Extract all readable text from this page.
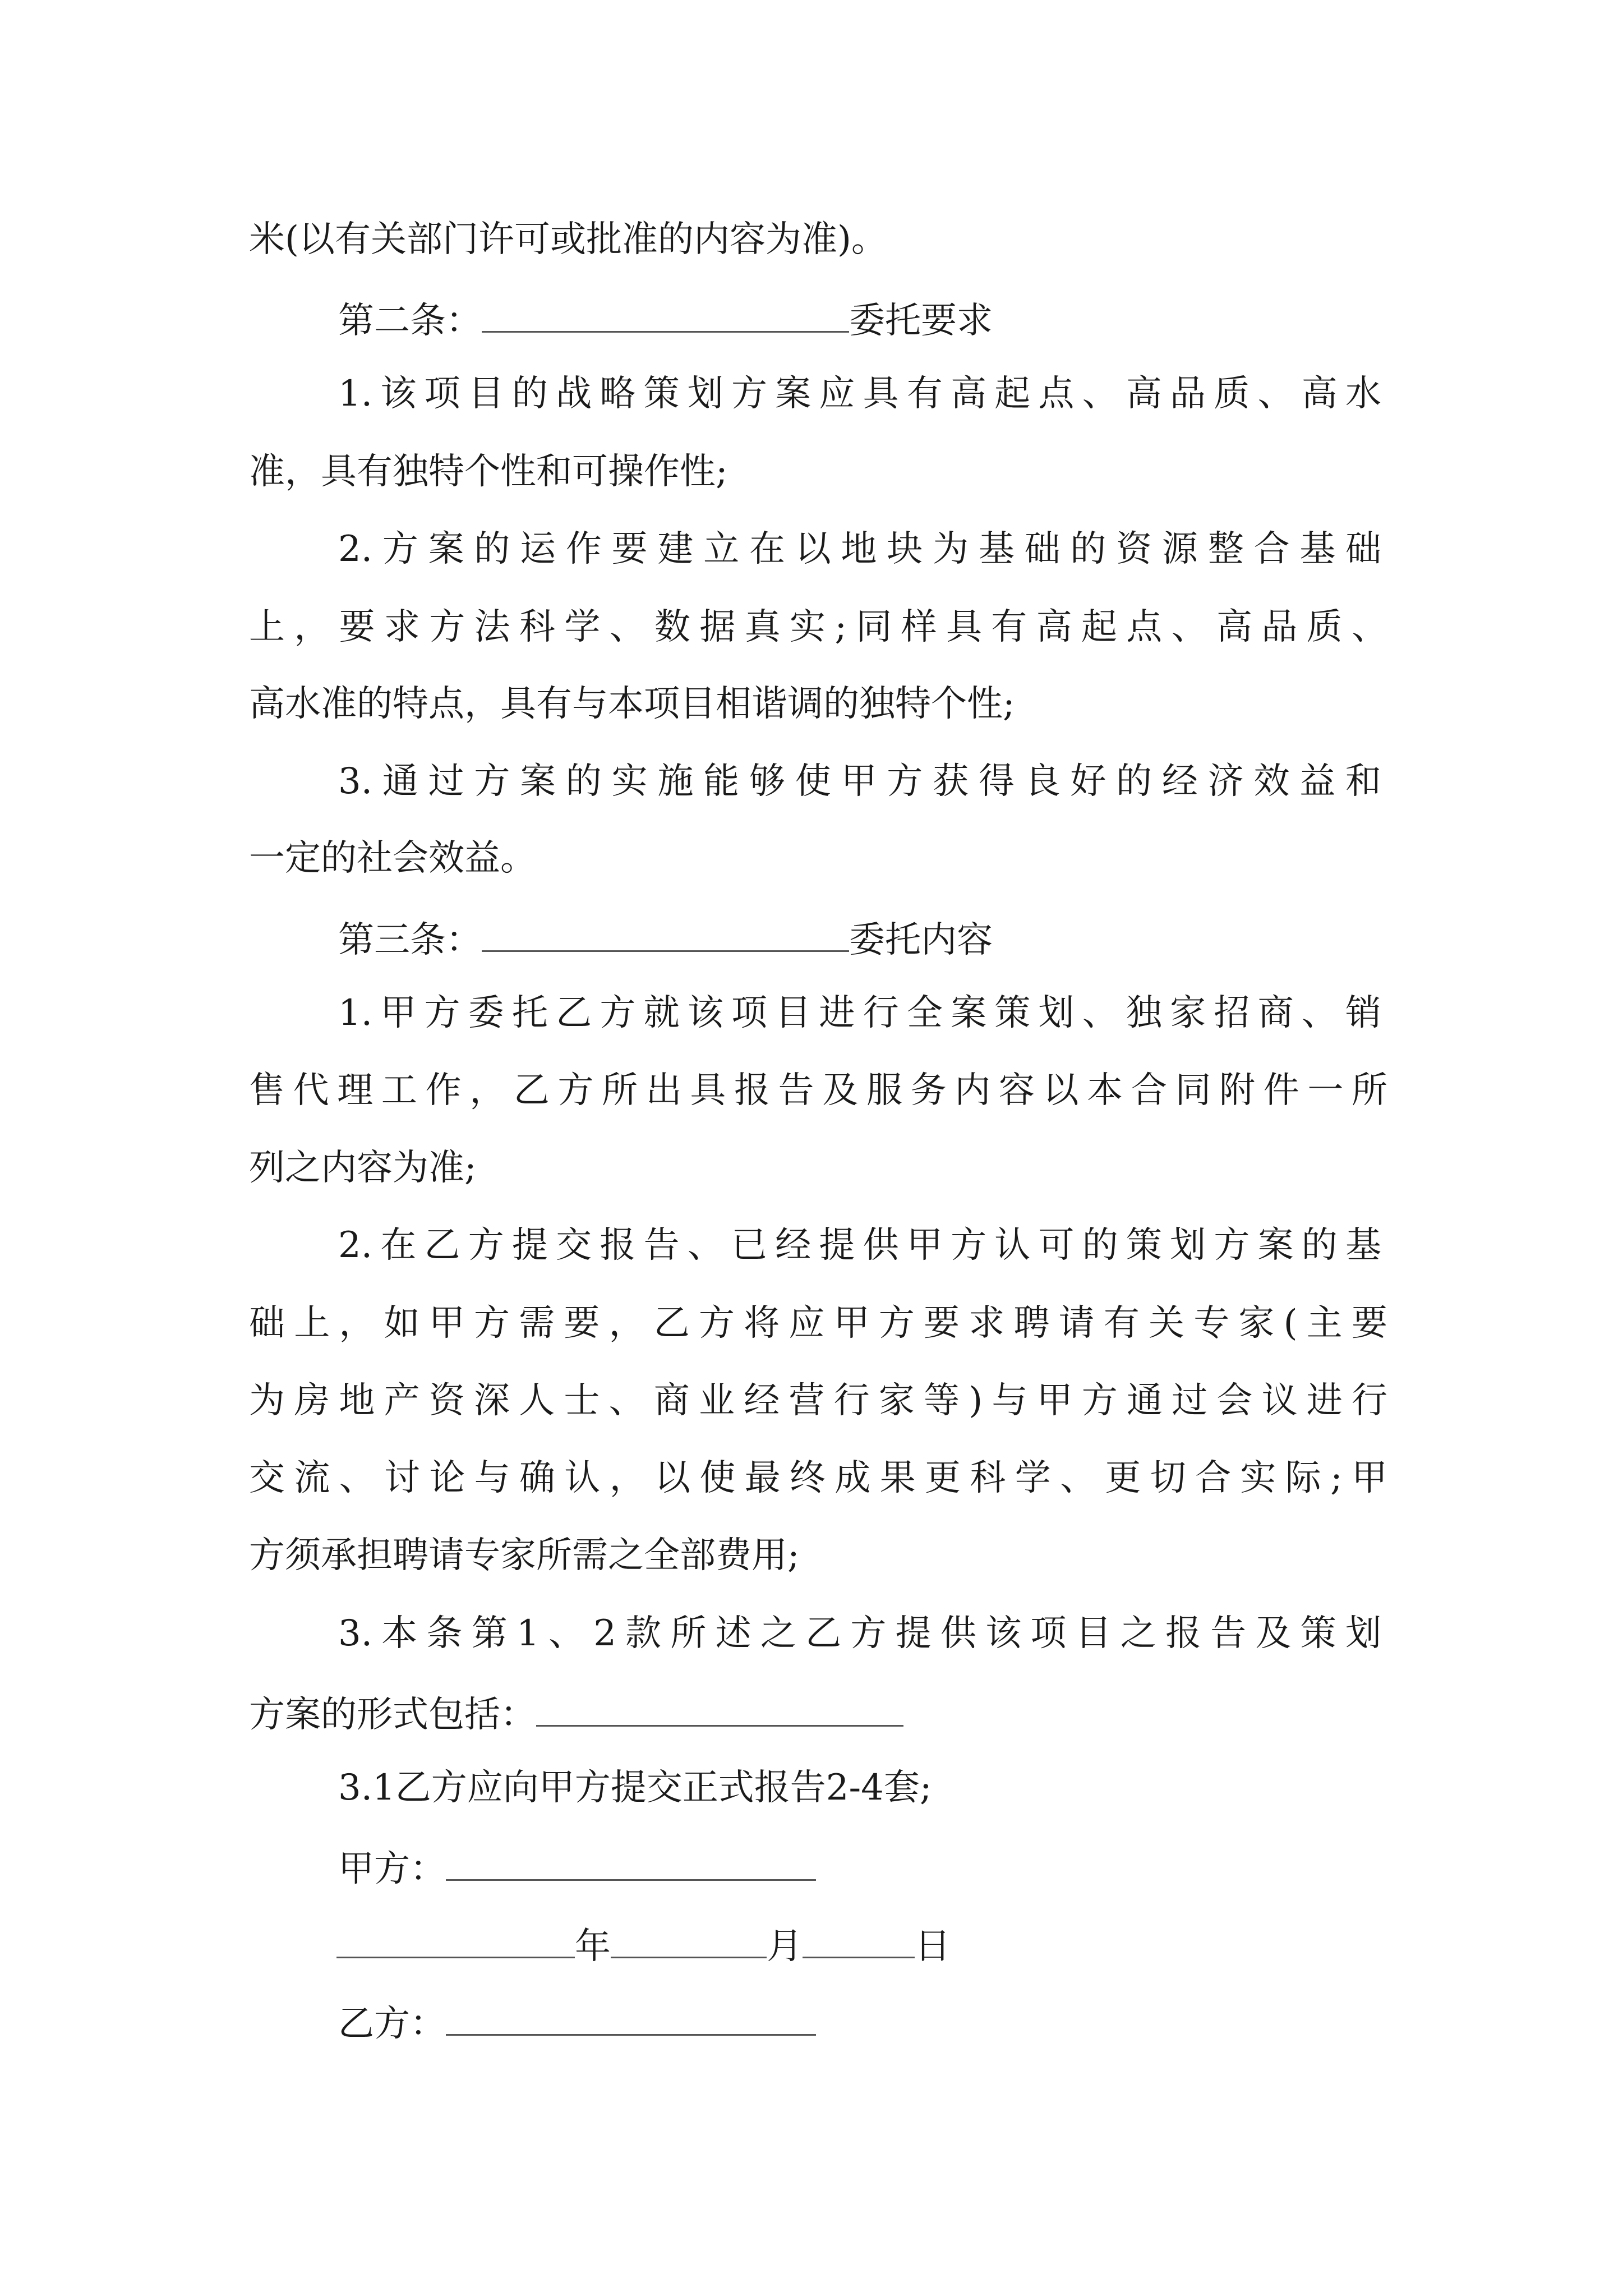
米(以有关部门许可或批准的内容为准)。
第二条：	委托要求
1.该项目的战略策划方案应具有高起点、高品质、高水
准，具有独特个性和可操作性;
2.方案的运作要建立在以地块为基础的资源整合基础
上，要求方法科学、数据真实;同样具有高起点、高品质、
高水准的特点，具有与本项目相谐调的独特个性;
3.通过方案的实施能够使甲方获得良好的经济效益和
一定的社会效益。
第三条：	委托内容
1.甲方委托乙方就该项目进行全案策划、独家招商、销
售代理工作，乙方所出具报告及服务内容以本合同附件一所
列之内容为准;
2.在乙方提交报告、已经提供甲方认可的策划方案的基
础上，如甲方需要，乙方将应甲方要求聘请有关专家(主要
为房地产资深人士、商业经营行家等)与甲方通过会议进行
交流、讨论与确认，以使最终成果更科学、更切合实际;甲
方须承担聘请专家所需之全部费用;
3.本条第1、2款所述之乙方提供该项目之报告及策划
方案的形式包括：
3.1乙方应向甲方提交正式报告2-4套;
甲方：
年	月	日
乙方：
